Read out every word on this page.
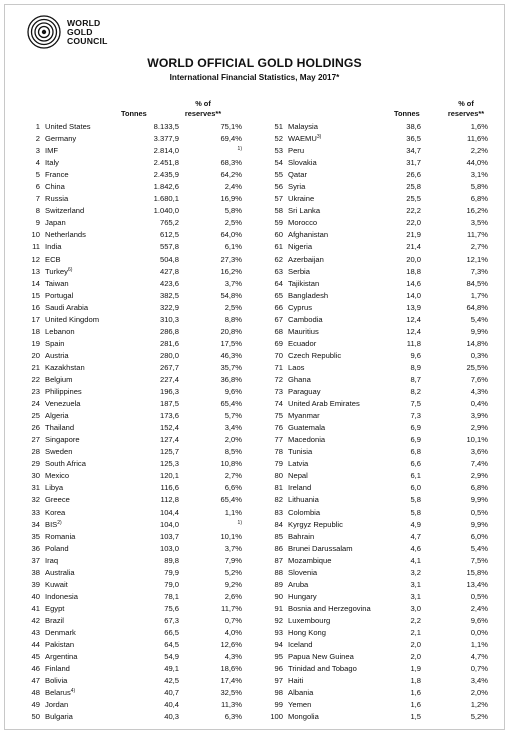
WORLD
GOLD
COUNCIL
WORLD OFFICIAL GOLD HOLDINGS
International Financial Statistics, May 2017*
Tonnes
% of
reserves**	Tonnes
% of
reserves**
1 United States	8.133,5	75,1%
2 Germany	3.377,9	69,4%
3 IMF	2.814,0	1)
4 Italy	2.451,8	68,3%
5 France	2.435,9	64,2%
6 China	1.842,6	2,4%
7 Russia	1.680,1	16,9%
8 Switzerland	1.040,0	5,8%
9 Japan	765,2	2,5%
10 Netherlands	612,5	64,0%
11 India	557,8	6,1%
12 ECB	504,8	27,3%
13 Turkey$^{6)}$	427,8	16,2%
14 Taiwan	423,6	3,7%
15 Portugal	382,5	54,8%
16 Saudi Arabia	322,9	2,5%
17 United Kingdom	310,3	8,8%
18 Lebanon	286,8	20,8%
19 Spain	281,6	17,5%
20 Austria	280,0	46,3%
21 Kazakhstan	267,7	35,7%
22 Belgium	227,4	36,8%
23 Philippines	196,3	9,6%
24 Venezuela	187,5	65,4%
25 Algeria	173,6	5,7%
26 Thailand	152,4	3,4%
27 Singapore	127,4	2,0%
28 Sweden	125,7	8,5%
29 South Africa	125,3	10,8%
30 Mexico	120,1	2,7%
31 Libya	116,6	6,6%
32 Greece	112,8	65,4%
33 Korea	104,4	1,1%
34 BIS$^{2)}$	104,0	1)
35 Romania	103,7	10,1%
36 Poland	103,0	3,7%
37 Iraq	89,8	7,9%
38 Australia	79,9	5,2%
39 Kuwait	79,0	9,2%
40 Indonesia	78,1	2,6%
41 Egypt	75,6	11,7%
42 Brazil	67,3	0,7%
43 Denmark	66,5	4,0%
44 Pakistan	64,5	12,6%
45 Argentina	54,9	4,3%
46 Finland	49,1	18,6%
47 Bolivia	42,5	17,4%
48 Belarus$^{4)}$	40,7	32,5%
49 Jordan	40,4	11,3%
50 Bulgaria	40,3	6,3%
51 Malaysia	38,6	1,6%
52 WAEMU$^{3)}$	36,5	11,6%
53 Peru	34,7	2,2%
54 Slovakia	31,7	44,0%
55 Qatar	26,6	3,1%
56 Syria	25,8	5,8%
57 Ukraine	25,5	6,8%
58 Sri Lanka	22,2	16,2%
59 Morocco	22,0	3,5%
60 Afghanistan	21,9	11,7%
61 Nigeria	21,4	2,7%
62 Azerbaijan	20,0	12,1%
63 Serbia	18,8	7,3%
64 Tajikistan	14,6	84,5%
65 Bangladesh	14,0	1,7%
66 Cyprus	13,9	64,8%
67 Cambodia	12,4	5,4%
68 Mauritius	12,4	9,9%
69 Ecuador	11,8	14,8%
70 Czech Republic	9,6	0,3%
71 Laos	8,9	25,5%
72 Ghana	8,7	7,6%
73 Paraguay	8,2	4,3%
74 United Arab Emirates	7,5	0,4%
75 Myanmar	7,3	3,9%
76 Guatemala	6,9	2,9%
77 Macedonia	6,9	10,1%
78 Tunisia	6,8	3,6%
79 Latvia	6,6	7,4%
80 Nepal	6,1	2,9%
81 Ireland	6,0	6,8%
82 Lithuania	5,8	9,9%
83 Colombia	5,8	0,5%
84 Kyrgyz Republic	4,9	9,9%
85 Bahrain	4,7	6,0%
86 Brunei Darussalam	4,6	5,4%
87 Mozambique	4,1	7,5%
88 Slovenia	3,2	15,8%
89 Aruba	3,1	13,4%
90 Hungary	3,1	0,5%
91 Bosnia and Herzegovina	3,0	2,4%
92 Luxembourg	2,2	9,6%
93 Hong Kong	2,1	0,0%
94 Iceland	2,0	1,1%
95 Papua New Guinea	2,0	4,7%
96 Trinidad and Tobago	1,9	0,7%
97 Haiti	1,8	3,4%
98 Albania	1,6	2,0%
99 Yemen	1,6	1,2%
100 Mongolia	1,5	5,2%
